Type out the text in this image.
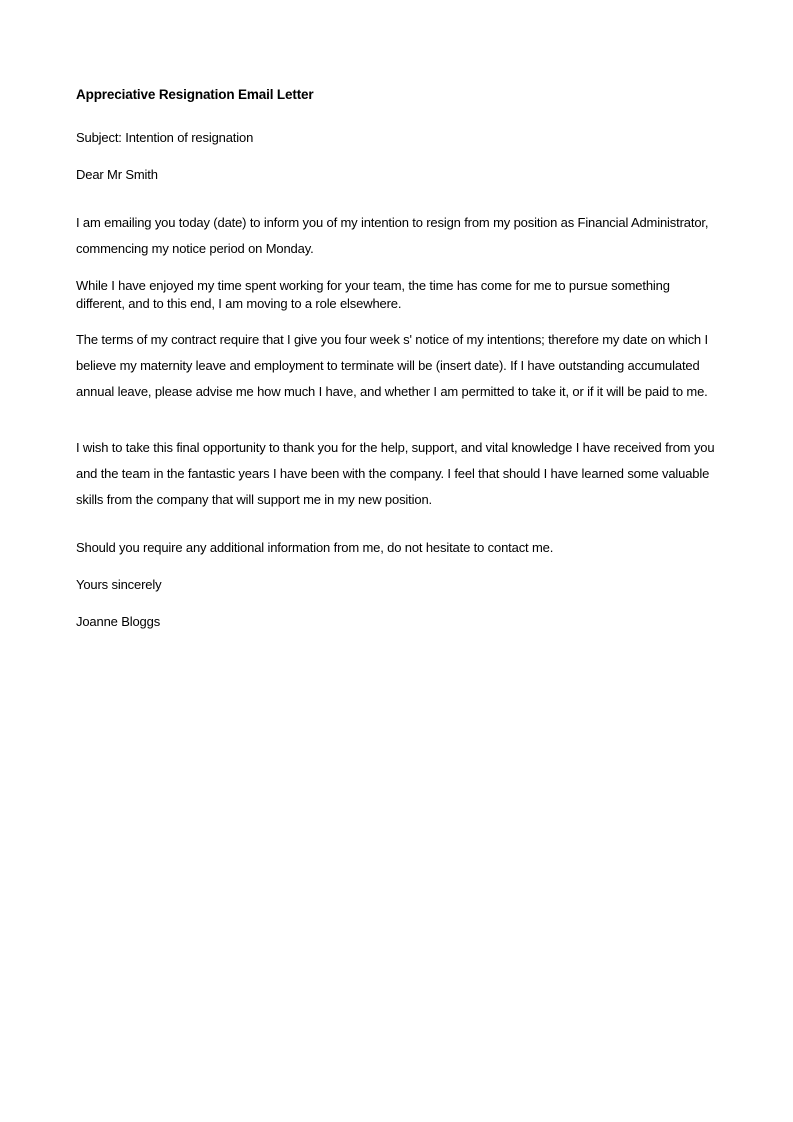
Appreciative Resignation Email Letter
Subject: Intention of resignation
Dear Mr Smith

I am emailing you today (date) to inform you of my intention to resign from my position as Financial Administrator, commencing my notice period on Monday.

While I have enjoyed my time spent working for your team, the time has come for me to pursue something different, and to this end, I am moving to a role elsewhere.

The terms of my contract require that I give you four week s' notice of my intentions; therefore my date on which I believe my maternity leave and employment to terminate will be (insert date). If I have outstanding accumulated annual leave, please advise me how much I have, and whether I am permitted to take it, or if it will be paid to me.

I wish to take this final opportunity to thank you for the help, support, and vital knowledge I have received from you and the team in the fantastic years I have been with the company. I feel that should I have learned some valuable skills from the company that will support me in my new position.

Should you require any additional information from me, do not hesitate to contact me.

Yours sincerely
Joanne Bloggs
